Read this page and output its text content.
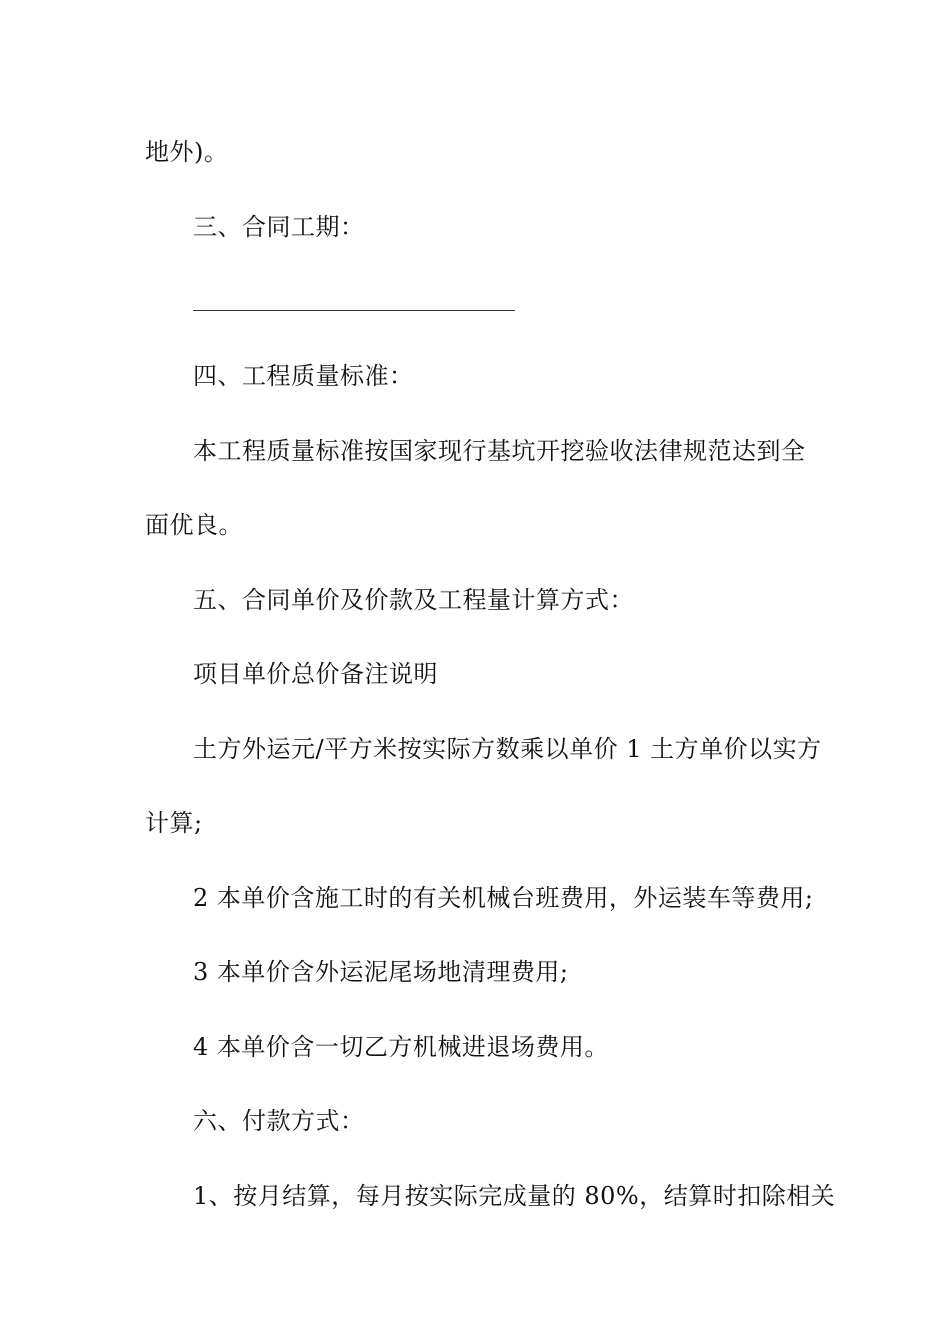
地外)。
三、合同工期：
四、工程质量标准：
本工程质量标准按国家现行基坑开挖验收法律规范达到全
面优良。
五、合同单价及价款及工程量计算方式：
项目单价总价备注说明
土方外运元/平方米按实际方数乘以单价 1 土方单价以实方
计算;
2 本单价含施工时的有关机械台班费用，外运装车等费用;
3 本单价含外运泥尾场地清理费用;
4 本单价含一切乙方机械进退场费用。
六、付款方式：
1、按月结算，每月按实际完成量的 80%，结算时扣除相关
